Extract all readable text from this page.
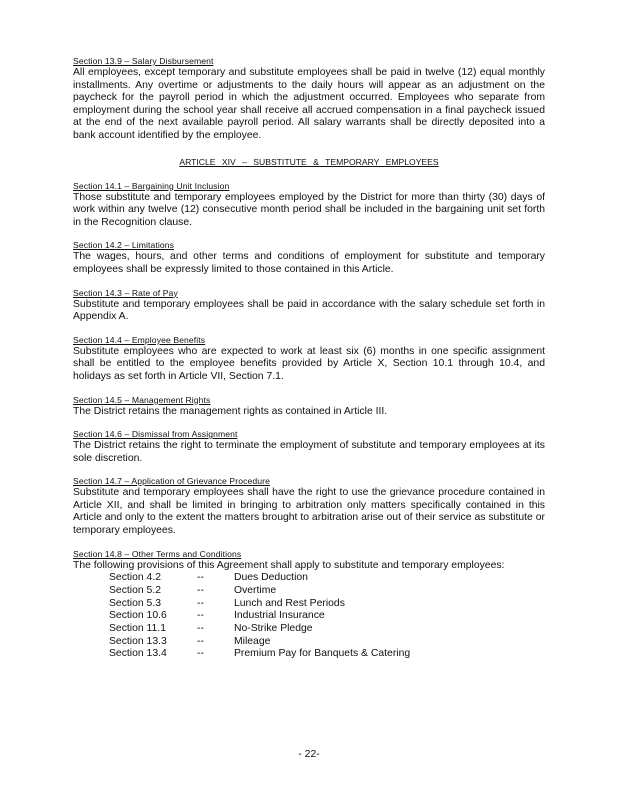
Section 13.9 – Salary Disbursement

All employees, except temporary and substitute employees shall be paid in twelve (12) equal monthly installments. Any overtime or adjustments to the daily hours will appear as an adjustment on the paycheck for the payroll period in which the adjustment occurred. Employees who separate from employment during the school year shall receive all accrued compensation in a final paycheck issued at the end of the next available payroll period. All salary warrants shall be directly deposited into a bank account identified by the employee.

ARTICLE XIV – SUBSTITUTE & TEMPORARY EMPLOYEES

Section 14.1 – Bargaining Unit Inclusion

Those substitute and temporary employees employed by the District for more than thirty (30) days of work within any twelve (12) consecutive month period shall be included in the bargaining unit set forth in the Recognition clause.

Section 14.2 – Limitations

The wages, hours, and other terms and conditions of employment for substitute and temporary employees shall be expressly limited to those contained in this Article.

Section 14.3 – Rate of Pay

Substitute and temporary employees shall be paid in accordance with the salary schedule set forth in Appendix A.

Section 14.4 – Employee Benefits

Substitute employees who are expected to work at least six (6) months in one specific assignment shall be entitled to the employee benefits provided by Article X, Section 10.1 through 10.4, and holidays as set forth in Article VII, Section 7.1.

Section 14.5 – Management Rights

The District retains the management rights as contained in Article III.

Section 14.6 – Dismissal from Assignment

The District retains the right to terminate the employment of substitute and temporary employees at its sole discretion.

Section 14.7 – Application of Grievance Procedure

Substitute and temporary employees shall have the right to use the grievance procedure contained in Article XII, and shall be limited in bringing to arbitration only matters specifically contained in this Article and only to the extent the matters brought to arbitration arise out of their service as substitute or temporary employees.

Section 14.8 – Other Terms and Conditions

The following provisions of this Agreement shall apply to substitute and temporary employees:

Section 4.2	--	Dues Deduction
Section 5.2	--	Overtime
Section 5.3	--	Lunch and Rest Periods
Section 10.6	--	Industrial Insurance
Section 11.1	--	No-Strike Pledge
Section 13.3	--	Mileage
Section 13.4	--	Premium Pay for Banquets & Catering
- 22-
